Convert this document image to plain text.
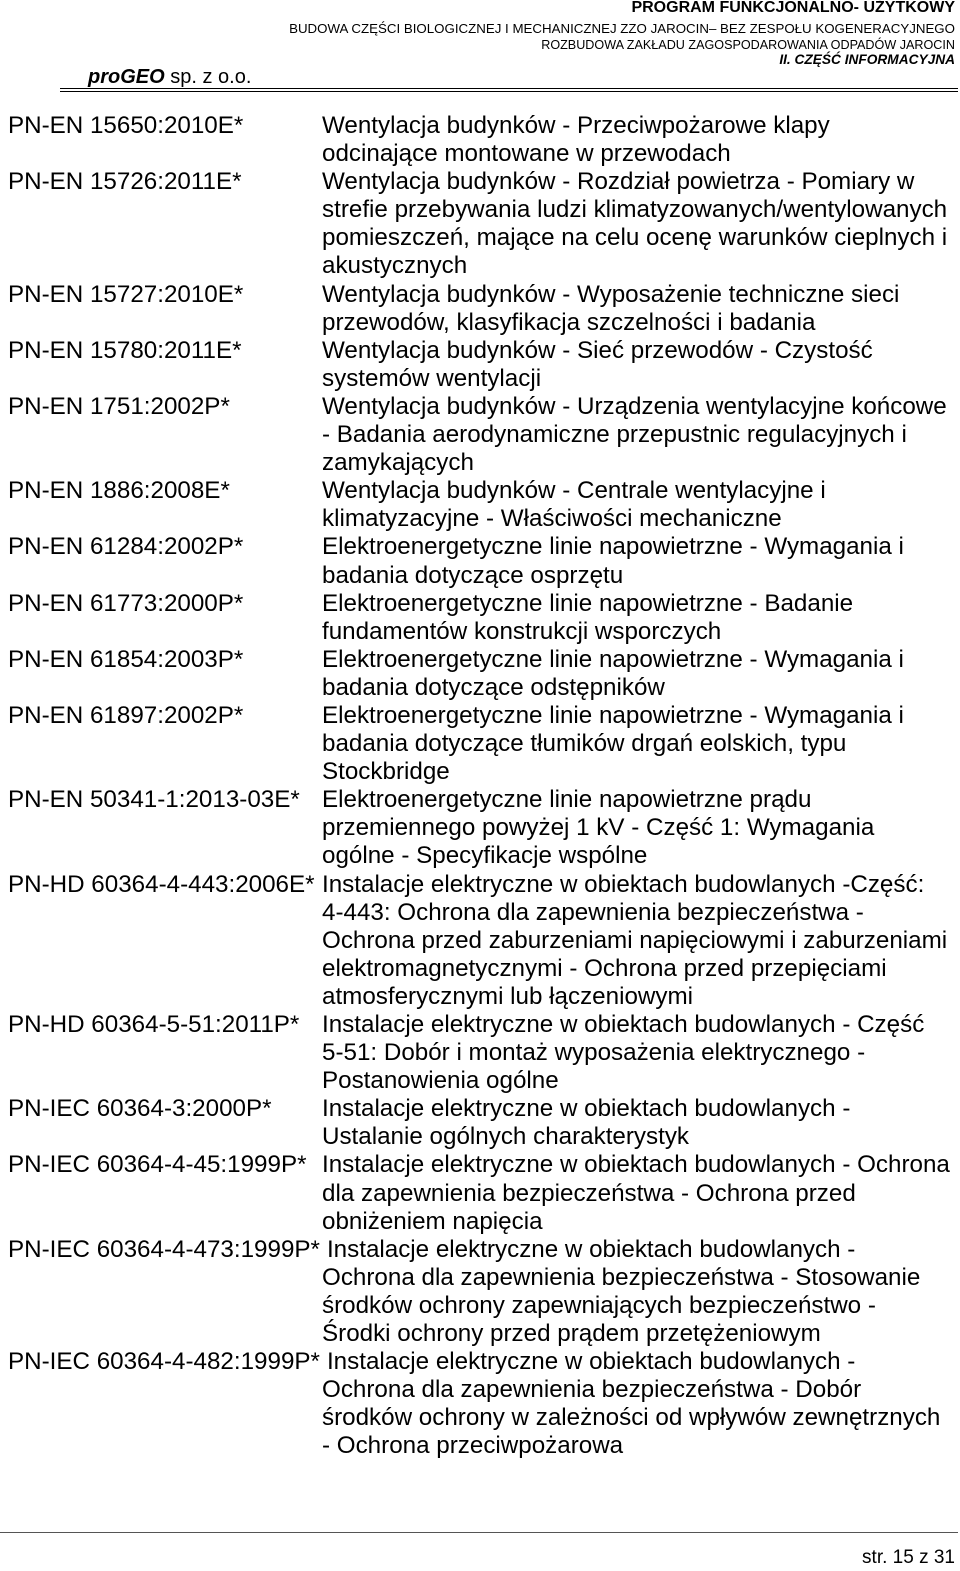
PROGRAM FUNKCJONALNO- UŻYTKOWY
BUDOWA CZĘŚCI BIOLOGICZNEJ I MECHANICZNEJ ZZO JAROCIN– BEZ ZESPOŁU KOGENERACYJNEGO
ROZBUDOWA ZAKŁADU ZAGOSPODAROWANIA ODPADÓW JAROCIN
II. CZĘŚĆ INFORMACYJNA
proGEO sp. z o.o.
PN-EN 15650:2010E*	Wentylacja budynków - Przeciwpożarowe klapy
odcinające montowane w przewodach
PN-EN 15726:2011E*	Wentylacja budynków - Rozdział powietrza - Pomiary w
strefie przebywania ludzi klimatyzowanych/wentylowanych
pomieszczeń, mające na celu ocenę warunków cieplnych i
akustycznych
PN-EN 15727:2010E*	Wentylacja budynków - Wyposażenie techniczne sieci
przewodów, klasyfikacja szczelności i badania
PN-EN 15780:2011E*	Wentylacja budynków - Sieć przewodów - Czystość
systemów wentylacji
PN-EN 1751:2002P*	Wentylacja budynków - Urządzenia wentylacyjne końcowe
- Badania aerodynamiczne przepustnic regulacyjnych i
zamykających
PN-EN 1886:2008E*	Wentylacja budynków - Centrale wentylacyjne i
klimatyzacyjne - Właściwości mechaniczne
PN-EN 61284:2002P*	Elektroenergetyczne linie napowietrzne - Wymagania i
badania dotyczące osprzętu
PN-EN 61773:2000P*	Elektroenergetyczne linie napowietrzne - Badanie
fundamentów konstrukcji wsporczych
PN-EN 61854:2003P*	Elektroenergetyczne linie napowietrzne - Wymagania i
badania dotyczące odstępników
PN-EN 61897:2002P*	Elektroenergetyczne linie napowietrzne - Wymagania i
badania dotyczące tłumików drgań eolskich, typu
Stockbridge
PN-EN 50341-1:2013-03E* Elektroenergetyczne linie napowietrzne prądu
przemiennego powyżej 1 kV - Część 1: Wymagania
ogólne - Specyfikacje wspólne
PN-HD 60364-4-443:2006E* Instalacje elektryczne w obiektach budowlanych -Część:
4-443: Ochrona dla zapewnienia bezpieczeństwa -
Ochrona przed zaburzeniami napięciowymi i zaburzeniami
elektromagnetycznymi - Ochrona przed przepięciami
atmosferycznymi lub łączeniowymi
PN-HD 60364-5-51:2011P* Instalacje elektryczne w obiektach budowlanych - Część
5-51: Dobór i montaż wyposażenia elektrycznego -
Postanowienia ogólne
PN-IEC 60364-3:2000P* Instalacje elektryczne w obiektach budowlanych -
Ustalanie ogólnych charakterystyk
PN-IEC 60364-4-45:1999P* Instalacje elektryczne w obiektach budowlanych - Ochrona
dla zapewnienia bezpieczeństwa - Ochrona przed
obniżeniem napięcia
PN-IEC 60364-4-473:1999P* Instalacje elektryczne w obiektach budowlanych -
Ochrona dla zapewnienia bezpieczeństwa - Stosowanie
środków ochrony zapewniających bezpieczeństwo -
Środki ochrony przed prądem przetężeniowym
PN-IEC 60364-4-482:1999P* Instalacje elektryczne w obiektach budowlanych -
Ochrona dla zapewnienia bezpieczeństwa - Dobór
środków ochrony w zależności od wpływów zewnętrznych
- Ochrona przeciwpożarowa
str. 15 z 31
